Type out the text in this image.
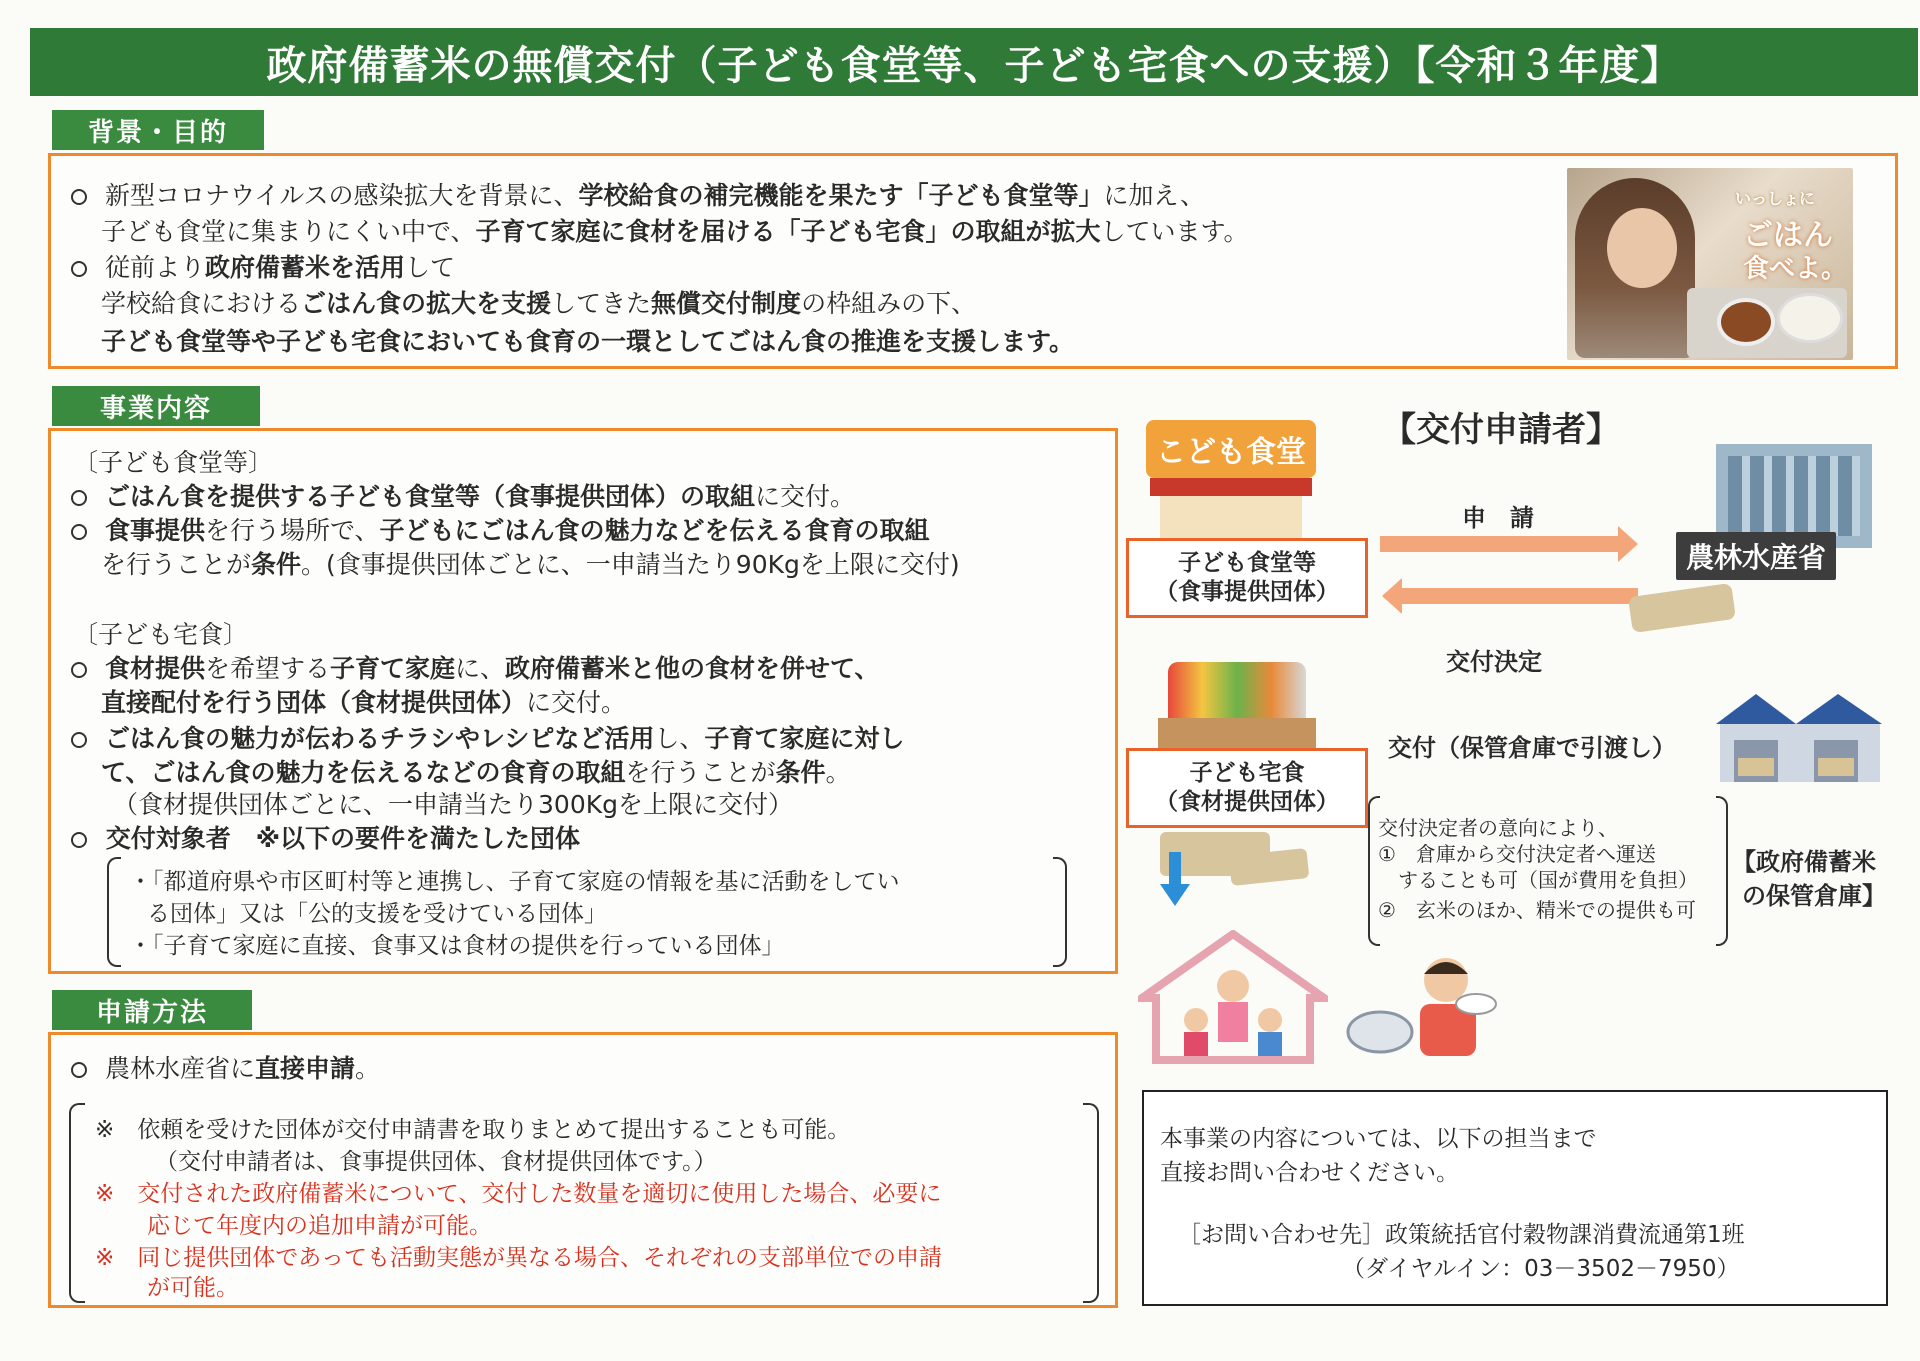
政府備蓄米の無償交付（子ども食堂等、子ども宅食への支援）【令和３年度】
背景・目的
新型コロナウイルスの感染拡大を背景に、学校給食の補完機能を果たす「子ども食堂等」に加え、
子ども食堂に集まりにくい中で、子育て家庭に食材を届ける「子ども宅食」の取組が拡大しています。
従前より政府備蓄米を活用して
学校給食におけるごはん食の拡大を支援してきた無償交付制度の枠組みの下、
子ども食堂等や子ども宅食においても食育の一環としてごはん食の推進を支援します。
いっしょに
ごはん
食べよ。
事業内容
〔子ども食堂等〕
ごはん食を提供する子ども食堂等（食事提供団体）の取組に交付。
食事提供を行う場所で、子どもにごはん食の魅力などを伝える食育の取組
を行うことが条件。(食事提供団体ごとに、一申請当たり90Kgを上限に交付)
〔子ども宅食〕
食材提供を希望する子育て家庭に、政府備蓄米と他の食材を併せて、
直接配付を行う団体（食材提供団体）に交付。
ごはん食の魅力が伝わるチラシやレシピなど活用し、子育て家庭に対し
て、ごはん食の魅力を伝えるなどの食育の取組を行うことが条件。
（食材提供団体ごとに、一申請当たり300Kgを上限に交付）
交付対象者　※以下の要件を満たした団体
・「都道府県や市区町村等と連携し、子育て家庭の情報を基に活動をしてい
る団体」又は「公的支援を受けている団体」
・「子育て家庭に直接、食事又は食材の提供を行っている団体」
申請方法
農林水産省に直接申請。
※　依頼を受けた団体が交付申請書を取りまとめて提出することも可能。
（交付申請者は、食事提供団体、食材提供団体です。）
※　交付された政府備蓄米について、交付した数量を適切に使用した場合、必要に
応じて年度内の追加申請が可能。
※　同じ提供団体であっても活動実態が異なる場合、それぞれの支部単位での申請
が可能。
【交付申請者】
こども食堂
子ども食堂等
（食事提供団体）
申　請
交付決定
農林水産省
子ども宅食
（食材提供団体）
交付（保管倉庫で引渡し）
交付決定者の意向により、
①　倉庫から交付決定者へ運送
することも可（国が費用を負担）
②　玄米のほか、精米での提供も可
【政府備蓄米
の保管倉庫】
本事業の内容については、以下の担当まで
直接お問い合わせください。
［お問い合わせ先］政策統括官付穀物課消費流通第1班
（ダイヤルイン：03－3502－7950）
